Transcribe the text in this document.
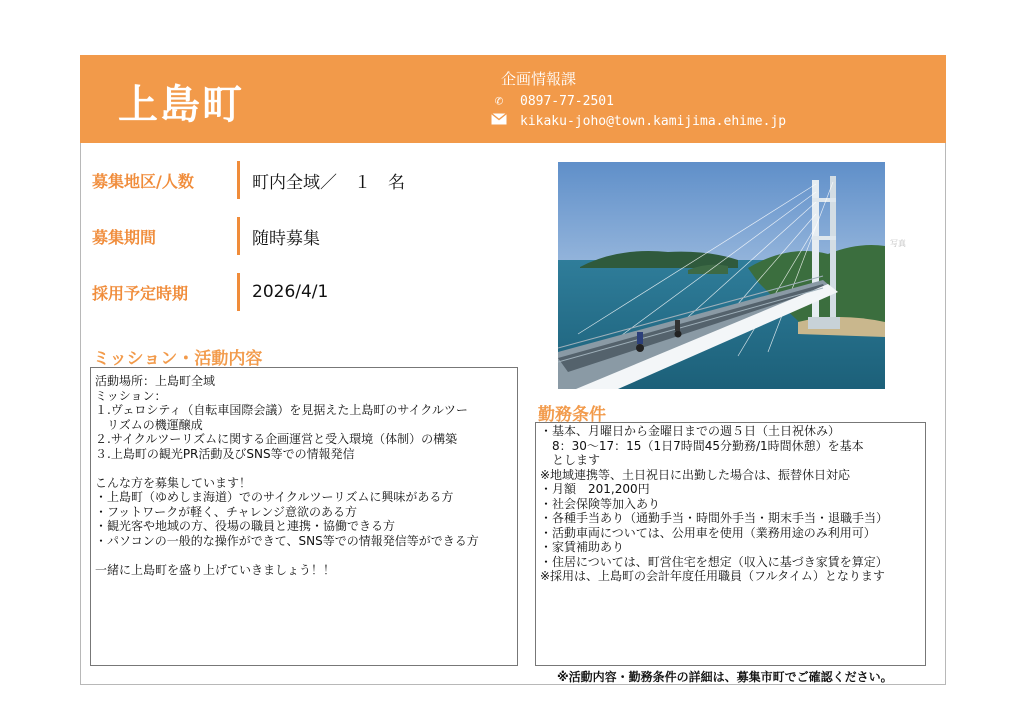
上島町
企画情報課
✆	0897-77-2501
kikaku-joho@town.kamijima.ehime.jp
募集地区/人数	町内全域／　１　名
募集期間	随時募集
採用予定時期	2026/4/1
写真
ミッション・活動内容
活動場所：上島町全域
ミッション：
１.ヴェロシティ（自転車国際会議）を見据えた上島町のサイクルツー
　リズムの機運醸成
２.サイクルツーリズムに関する企画運営と受入環境（体制）の構築
３.上島町の観光PR活動及びSNS等での情報発信
こんな方を募集しています！
・上島町（ゆめしま海道）でのサイクルツーリズムに興味がある方
・フットワークが軽く、チャレンジ意欲のある方
・観光客や地域の方、役場の職員と連携・協働できる方
・パソコンの一般的な操作ができて、SNS等での情報発信等ができる方
一緒に上島町を盛り上げていきましょう！！
勤務条件
・基本、月曜日から金曜日までの週５日（土日祝休み）
　8：30～17：15（1日7時間45分勤務/1時間休憩）を基本
　とします
※地域連携等、土日祝日に出勤した場合は、振替休日対応
・月額　201,200円
・社会保険等加入あり
・各種手当あり（通勤手当・時間外手当・期末手当・退職手当）
・活動車両については、公用車を使用（業務用途のみ利用可）
・家賃補助あり
・住居については、町営住宅を想定（収入に基づき家賃を算定）
※採用は、上島町の会計年度任用職員（フルタイム）となります
※活動内容・勤務条件の詳細は、募集市町でご確認ください。
